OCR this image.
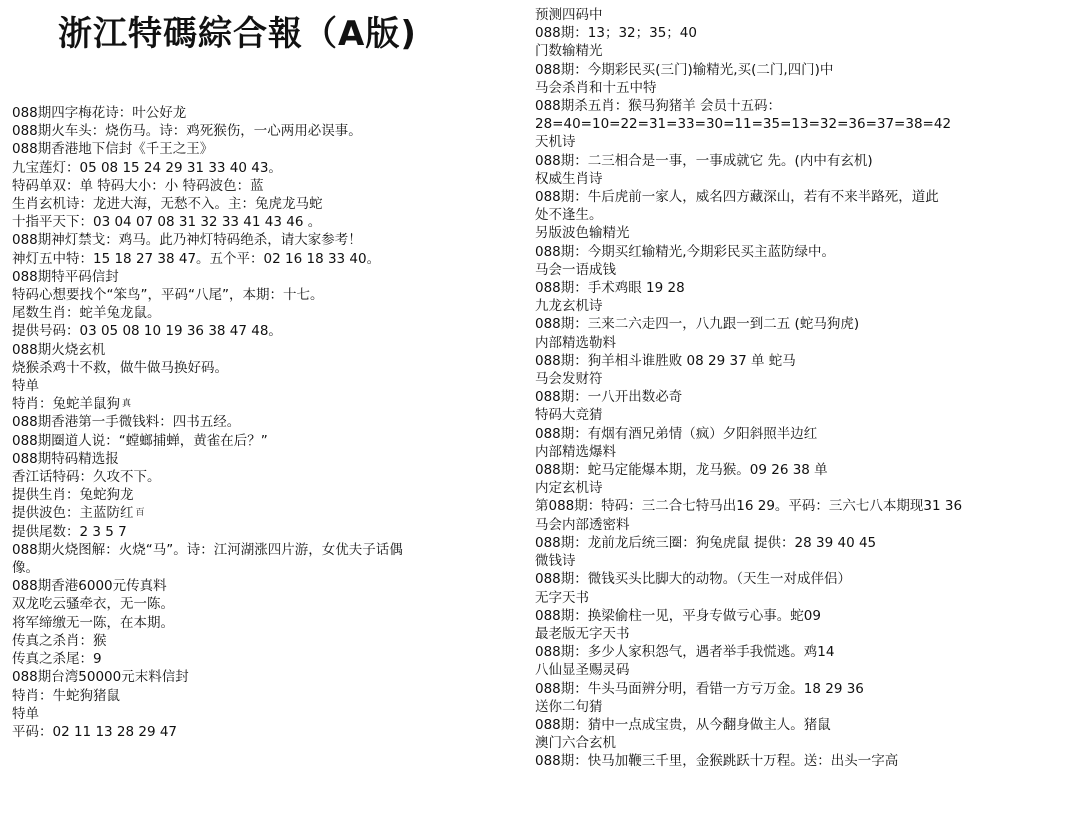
浙江特碼綜合報（A版)
088期四字梅花诗：叶公好龙
088期火车头：烧伤马。诗：鸡死猴伤，一心两用必误事。
088期香港地下信封《千王之王》
九宝莲灯：05 08 15 24 29 31 33 40 43。
特码单双：单 特码大小：小 特码波色：蓝
生肖玄机诗：龙进大海，无愁不入。主：兔虎龙马蛇
十指平天下：03 04 07 08 31 32 33 41 43 46 。
088期神灯禁戈：鸡马。此乃神灯特码绝杀，请大家参考！
神灯五中特：15 18 27 38 47。五个平：02 16 18 33 40。
088期特平码信封
特码心想要找个“笨鸟”，平码“八尾”，本期：十七。
尾数生肖：蛇羊兔龙鼠。
提供号码：03 05 08 10 19 36 38 47 48。
088期火烧玄机
烧猴杀鸡十不救，做牛做马换好码。
特单
特肖：兔蛇羊鼠狗 $^真$
088期香港第一手微钱料：四书五经。
088期圈道人说：“螳螂捕蝉，黄雀在后？”
088期特码精选报
香江话特码：久攻不下。
提供生肖：兔蛇狗龙
提供波色：主蓝防红 $^百$
提供尾数：2 3 5 7
088期火烧图解：火烧“马”。诗：江河湖涨四片游，女优夫子话偶
像。
088期香港6000元传真料
双龙吃云骚牵衣，无一陈。
将军缔缴无一陈，在本期。
传真之杀肖：猴
传真之杀尾：9
088期台湾50000元末料信封
特肖：牛蛇狗猪鼠
特单
平码：02 11 13 28 29 47
预测四码中
088期：13；32；35；40
门数输精光
088期：今期彩民买(三门)输精光,买(二门,四门)中
马会杀肖和十五中特
088期杀五肖：猴马狗猪羊 会员十五码：
28=40=10=22=31=33=30=11=35=13=32=36=37=38=42
天机诗
088期：二三相合是一事，一事成就它 先。(内中有玄机)
权威生肖诗
088期：牛后虎前一家人，威名四方藏深山，若有不来半路死，道此
处不逢生。
另版波色输精光
088期：今期买红输精光,今期彩民买主蓝防绿中。
马会一语成钱
088期：手术鸡眼 19 28
九龙玄机诗
088期：三来二六走四一，八九跟一到二五 (蛇马狗虎)
内部精选勒料
088期：狗羊相斗谁胜败 08 29 37 单 蛇马
马会发财符
088期：一八开出数必奇
特码大竞猜
088期：有烟有酒兄弟情（疯）夕阳斜照半边红
内部精选爆料
088期：蛇马定能爆本期，龙马猴。09 26 38 单
内定玄机诗
第088期：特码：三二合七特马出16 29。平码：三六七八本期现31 36
马会内部透密料
088期：龙前龙后统三圈：狗兔虎鼠 提供：28 39 40 45
微钱诗
088期：微钱买头比脚大的动物。（天生一对成伴侣）
无字天书
088期：换梁偷柱一见，平身专做亏心事。蛇09
最老版无字天书
088期：多少人家积怨气，遇者举手我慌逃。鸡14
八仙显圣赐灵码
088期：牛头马面辨分明，看错一方亏万金。18 29 36
送你二句猜
088期：猜中一点成宝贵，从今翻身做主人。猪鼠
澳门六合玄机
088期：快马加鞭三千里，金猴跳跃十万程。送：出头一字高
